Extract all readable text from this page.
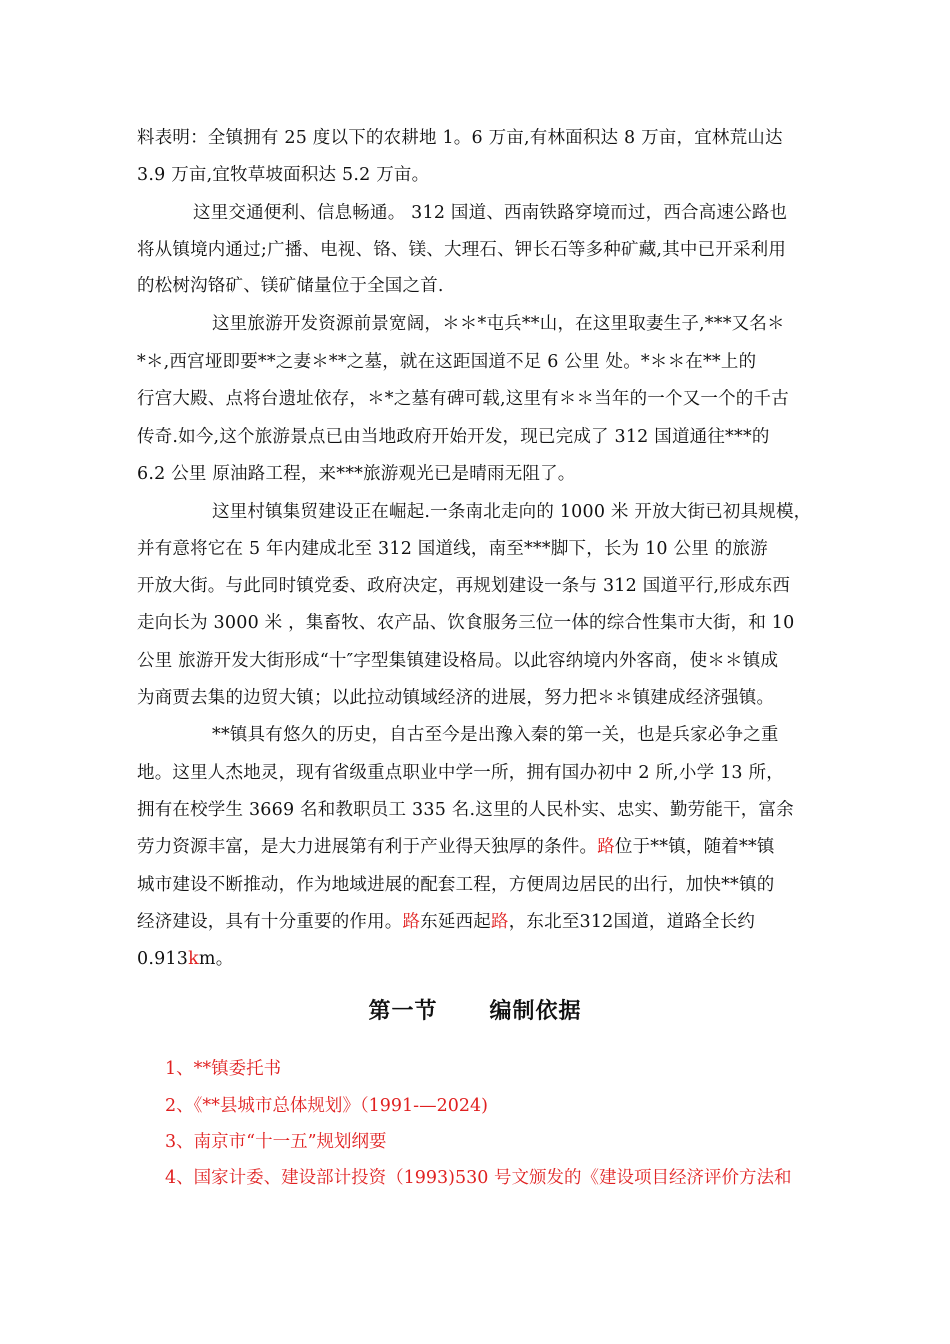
料表明：全镇拥有 25 度以下的农耕地 1。6 万亩,有林面积达 8 万亩，宜林荒山达
3.9 万亩,宜牧草坡面积达 5.2 万亩。
这里交通便利、信息畅通。 312 国道、西南铁路穿境而过，西合高速公路也
将从镇境内通过;广播、电视、铬、镁、大理石、钾长石等多种矿藏,其中已开采利用
的松树沟铬矿、镁矿储量位于全国之首.
这里旅游开发资源前景宽阔，＊＊*屯兵**山，在这里取妻生子,***又名＊
*＊,西宫垭即要**之妻＊**之墓，就在这距国道不足 6 公里 处。*＊＊在**上的
行宫大殿、点将台遗址依存，＊*之墓有碑可载,这里有＊＊当年的一个又一个的千古
传奇.如今,这个旅游景点已由当地政府开始开发，现已完成了 312 国道通往***的
6.2 公里 原油路工程，来***旅游观光已是晴雨无阻了。
这里村镇集贸建设正在崛起.一条南北走向的 1000 米 开放大街已初具规模，
并有意将它在 5 年内建成北至 312 国道线，南至***脚下，长为 10 公里 的旅游
开放大街。与此同时镇党委、政府决定，再规划建设一条与 312 国道平行,形成东西
走向长为 3000 米 ，集畜牧、农产品、饮食服务三位一体的综合性集市大街，和 10
公里 旅游开发大街形成“十″字型集镇建设格局。以此容纳境内外客商，使＊＊镇成
为商贾去集的边贸大镇；以此拉动镇域经济的进展，努力把＊＊镇建成经济强镇。
**镇具有悠久的历史，自古至今是出豫入秦的第一关，也是兵家必争之重
地。这里人杰地灵，现有省级重点职业中学一所，拥有国办初中 2 所,小学 13 所，
拥有在校学生 3669 名和教职员工 335 名.这里的人民朴实、忠实、勤劳能干，富余
劳力资源丰富，是大力进展第有利于产业得天独厚的条件。路位于**镇，随着**镇
城市建设不断推动，作为地域进展的配套工程，方便周边居民的出行，加快**镇的
经济建设，具有十分重要的作用。路东延西起路，东北至312国道，道路全长约
0.913km。
第一节 编制依据
1、**镇委托书
2、《**县城市总体规划》（1991-—2024)
3、南京市“十一五”规划纲要
4、国家计委、建设部计投资（1993)530 号文颁发的《建设项目经济评价方法和
